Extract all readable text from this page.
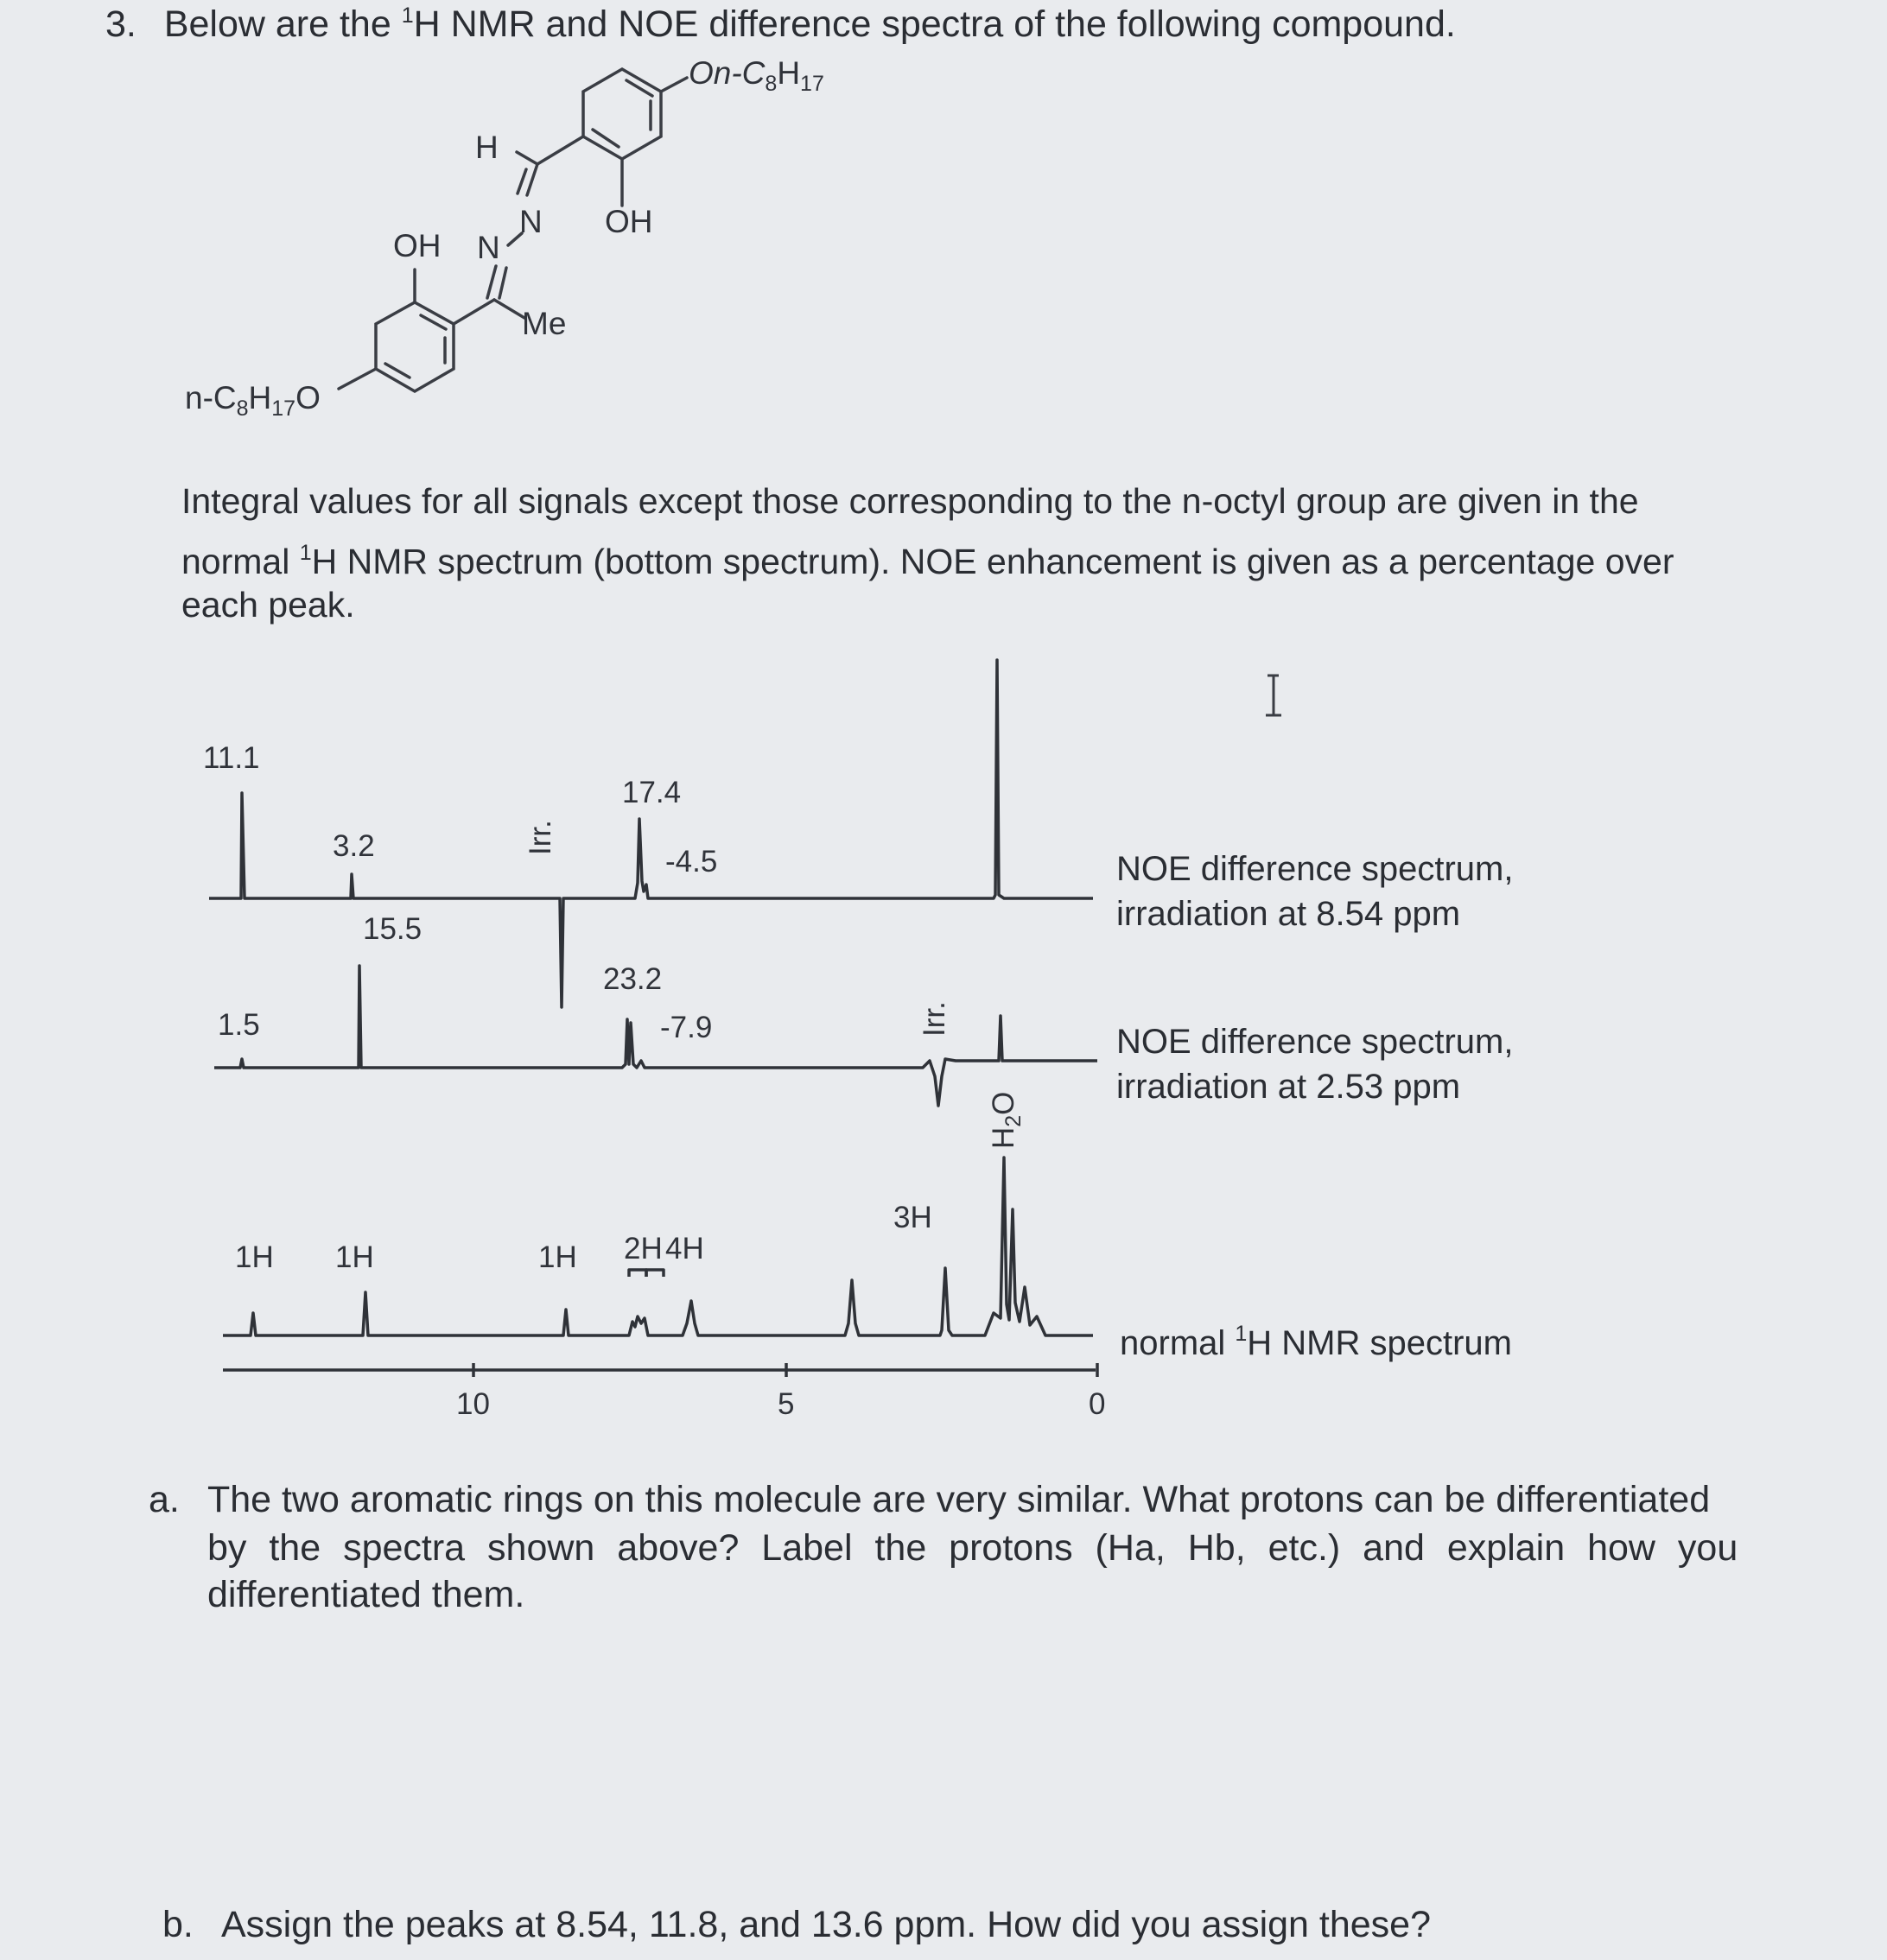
3. Below are the $^1$H NMR and NOE difference spectra of the following compound.
$On-C_8H_{17}$
H
N
N
OH
OH
Me
$n-C_8H_{17}O$
Integral values for all signals except those corresponding to the n-octyl group are given in the
normal $^1$H NMR spectrum (bottom spectrum). NOE enhancement is given as a percentage over
each peak.
11.1
3.2
17.4
-4.5
Irr.
1.5
15.5
23.2
-7.9	Irr.
1H 1H	1H 2H 4H
3H
$H_2O$
10	5	0
NOE difference spectrum,
irradiation at 8.54 ppm
NOE difference spectrum,
irradiation at 2.53 ppm
normal $^1$H NMR spectrum
a. The two aromatic rings on this molecule are very similar. What protons can be differentiated
by the spectra shown above? Label the protons (Ha, Hb, etc.) and explain how you
differentiated them.
b. Assign the peaks at 8.54, 11.8, and 13.6 ppm. How did you assign these?
